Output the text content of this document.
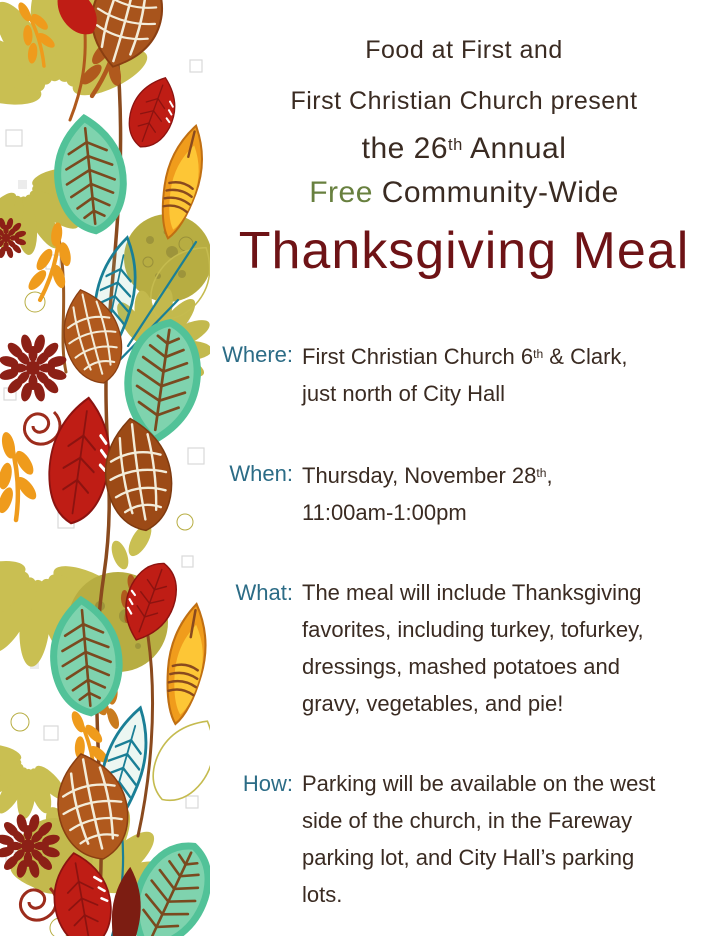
Food at First and
First Christian Church present
the 26th Annual
Free Community-Wide
Thanksgiving Meal
Where: First Christian Church 6th & Clark,
just north of City Hall
When: Thursday, November 28th,
11:00am-1:00pm
What: The meal will include Thanksgiving
favorites, including turkey, tofurkey,
dressings, mashed potatoes and
gravy, vegetables, and pie!
How: Parking will be available on the west
side of the church, in the Fareway
parking lot, and City Hall’s parking
lots.
